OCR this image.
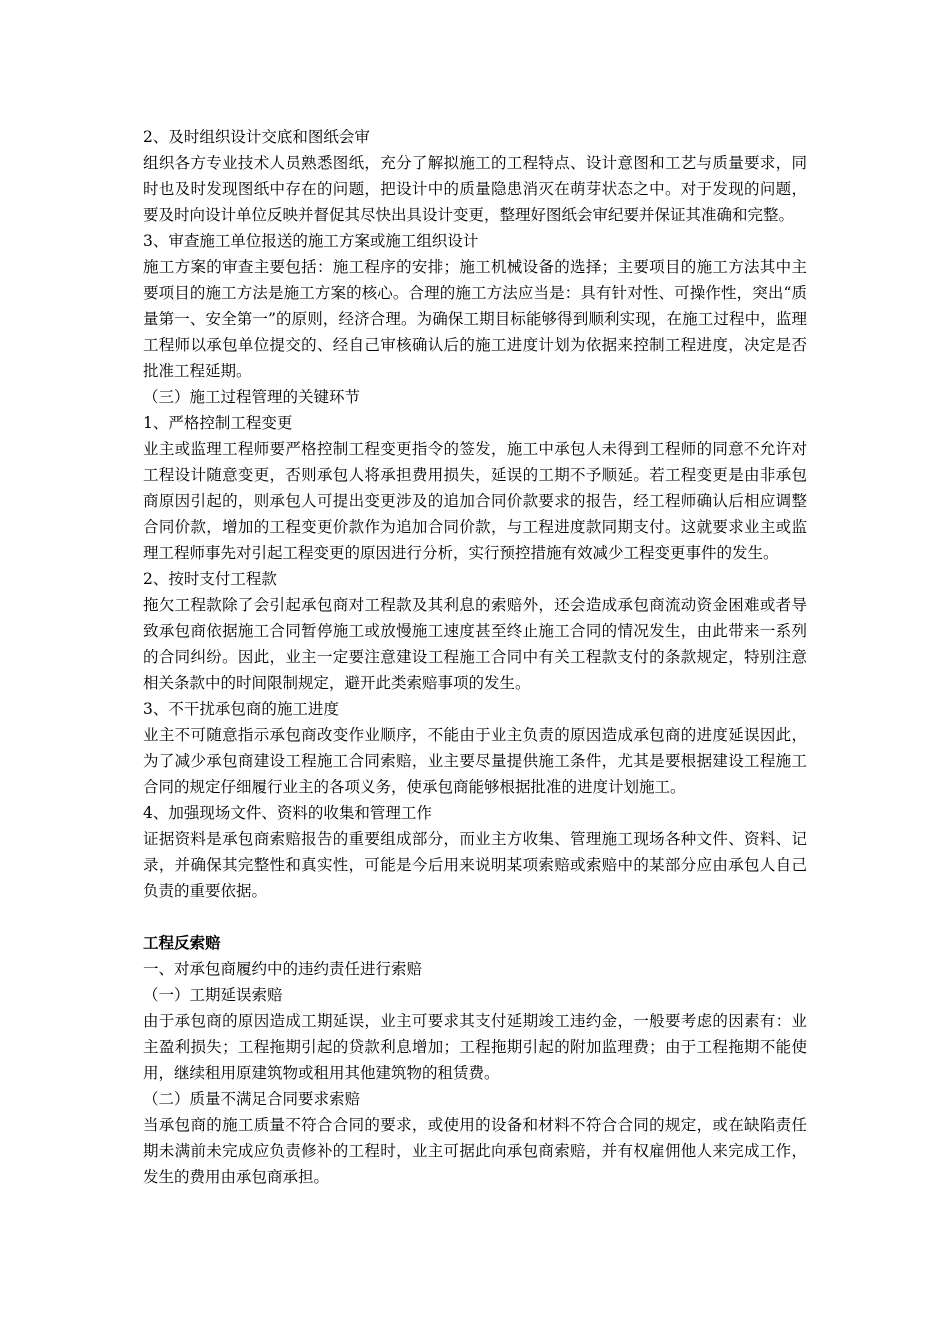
2、及时组织设计交底和图纸会审

组织各方专业技术人员熟悉图纸，充分了解拟施工的工程特点、设计意图和工艺与质量要求，同时也及时发现图纸中存在的问题，把设计中的质量隐患消灭在萌芽状态之中。对于发现的问题，要及时向设计单位反映并督促其尽快出具设计变更，整理好图纸会审纪要并保证其准确和完整。

3、审查施工单位报送的施工方案或施工组织设计

施工方案的审查主要包括：施工程序的安排；施工机械设备的选择；主要项目的施工方法其中主要项目的施工方法是施工方案的核心。合理的施工方法应当是：具有针对性、可操作性，突出“质量第一、安全第一”的原则，经济合理。为确保工期目标能够得到顺利实现，在施工过程中，监理工程师以承包单位提交的、经自己审核确认后的施工进度计划为依据来控制工程进度，决定是否批准工程延期。

（三）施工过程管理的关键环节

1、严格控制工程变更

业主或监理工程师要严格控制工程变更指令的签发，施工中承包人未得到工程师的同意不允许对工程设计随意变更，否则承包人将承担费用损失，延误的工期不予顺延。若工程变更是由非承包商原因引起的，则承包人可提出变更涉及的追加合同价款要求的报告，经工程师确认后相应调整合同价款，增加的工程变更价款作为追加合同价款，与工程进度款同期支付。这就要求业主或监理工程师事先对引起工程变更的原因进行分析，实行预控措施有效减少工程变更事件的发生。

2、按时支付工程款

拖欠工程款除了会引起承包商对工程款及其利息的索赔外，还会造成承包商流动资金困难或者导致承包商依据施工合同暂停施工或放慢施工速度甚至终止施工合同的情况发生，由此带来一系列的合同纠纷。因此，业主一定要注意建设工程施工合同中有关工程款支付的条款规定，特别注意相关条款中的时间限制规定，避开此类索赔事项的发生。

3、不干扰承包商的施工进度

业主不可随意指示承包商改变作业顺序，不能由于业主负责的原因造成承包商的进度延误因此，为了减少承包商建设工程施工合同索赔，业主要尽量提供施工条件，尤其是要根据建设工程施工合同的规定仔细履行业主的各项义务，使承包商能够根据批准的进度计划施工。

4、加强现场文件、资料的收集和管理工作

证据资料是承包商索赔报告的重要组成部分，而业主方收集、管理施工现场各种文件、资料、记录，并确保其完整性和真实性，可能是今后用来说明某项索赔或索赔中的某部分应由承包人自己负责的重要依据。

工程反索赔

一、对承包商履约中的违约责任进行索赔

（一）工期延误索赔

由于承包商的原因造成工期延误，业主可要求其支付延期竣工违约金，一般要考虑的因素有：业主盈利损失；工程拖期引起的贷款利息增加；工程拖期引起的附加监理费；由于工程拖期不能使用，继续租用原建筑物或租用其他建筑物的租赁费。

（二）质量不满足合同要求索赔

当承包商的施工质量不符合合同的要求，或使用的设备和材料不符合合同的规定，或在缺陷责任期未满前未完成应负责修补的工程时，业主可据此向承包商索赔，并有权雇佣他人来完成工作，发生的费用由承包商承担。
